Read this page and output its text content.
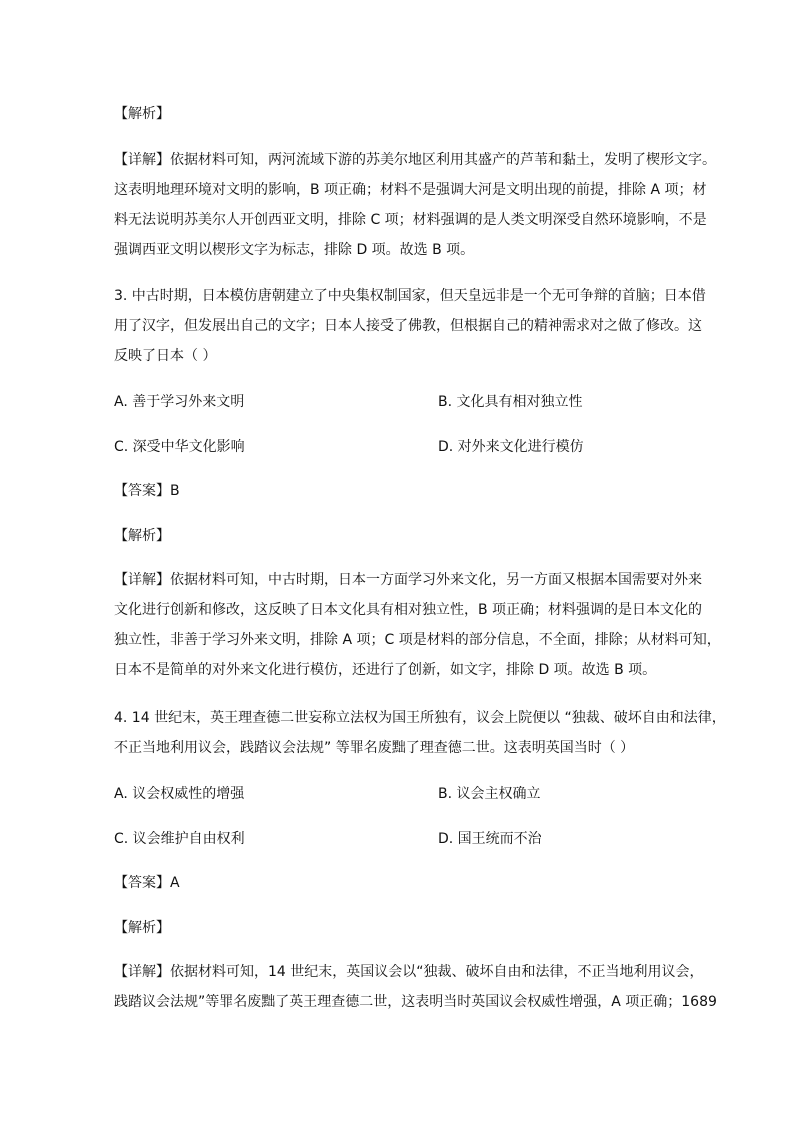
【解析】
【详解】依据材料可知，两河流域下游的苏美尔地区利用其盛产的芦苇和黏土，发明了楔形文字。
这表明地理环境对文明的影响，B 项正确；材料不是强调大河是文明出现的前提，排除 A 项；材
料无法说明苏美尔人开创西亚文明，排除 C 项；材料强调的是人类文明深受自然环境影响，不是
强调西亚文明以楔形文字为标志，排除 D 项。故选 B 项。
3. 中古时期，日本模仿唐朝建立了中央集权制国家，但天皇远非是一个无可争辩的首脑；日本借
用了汉字，但发展出自己的文字；日本人接受了佛教，但根据自己的精神需求对之做了修改。这
反映了日本（ ）
A. 善于学习外来文明	B. 文化具有相对独立性
C. 深受中华文化影响	D. 对外来文化进行模仿
【答案】B
【解析】
【详解】依据材料可知，中古时期，日本一方面学习外来文化，另一方面又根据本国需要对外来
文化进行创新和修改，这反映了日本文化具有相对独立性，B 项正确；材料强调的是日本文化的
独立性，非善于学习外来文明，排除 A 项；C 项是材料的部分信息，不全面，排除；从材料可知，
日本不是简单的对外来文化进行模仿，还进行了创新，如文字，排除 D 项。故选 B 项。
4. 14 世纪末，英王理查德二世妄称立法权为国王所独有，议会上院便以 “独裁、破坏自由和法律，
不正当地利用议会，践踏议会法规” 等罪名废黜了理查德二世。这表明英国当时（ ）
A. 议会权威性的增强	B. 议会主权确立
C. 议会维护自由权利	D. 国王统而不治
【答案】A
【解析】
【详解】依据材料可知，14 世纪末，英国议会以“独裁、破坏自由和法律，不正当地利用议会，
践踏议会法规”等罪名废黜了英王理查德二世，这表明当时英国议会权威性增强，A 项正确；1689
